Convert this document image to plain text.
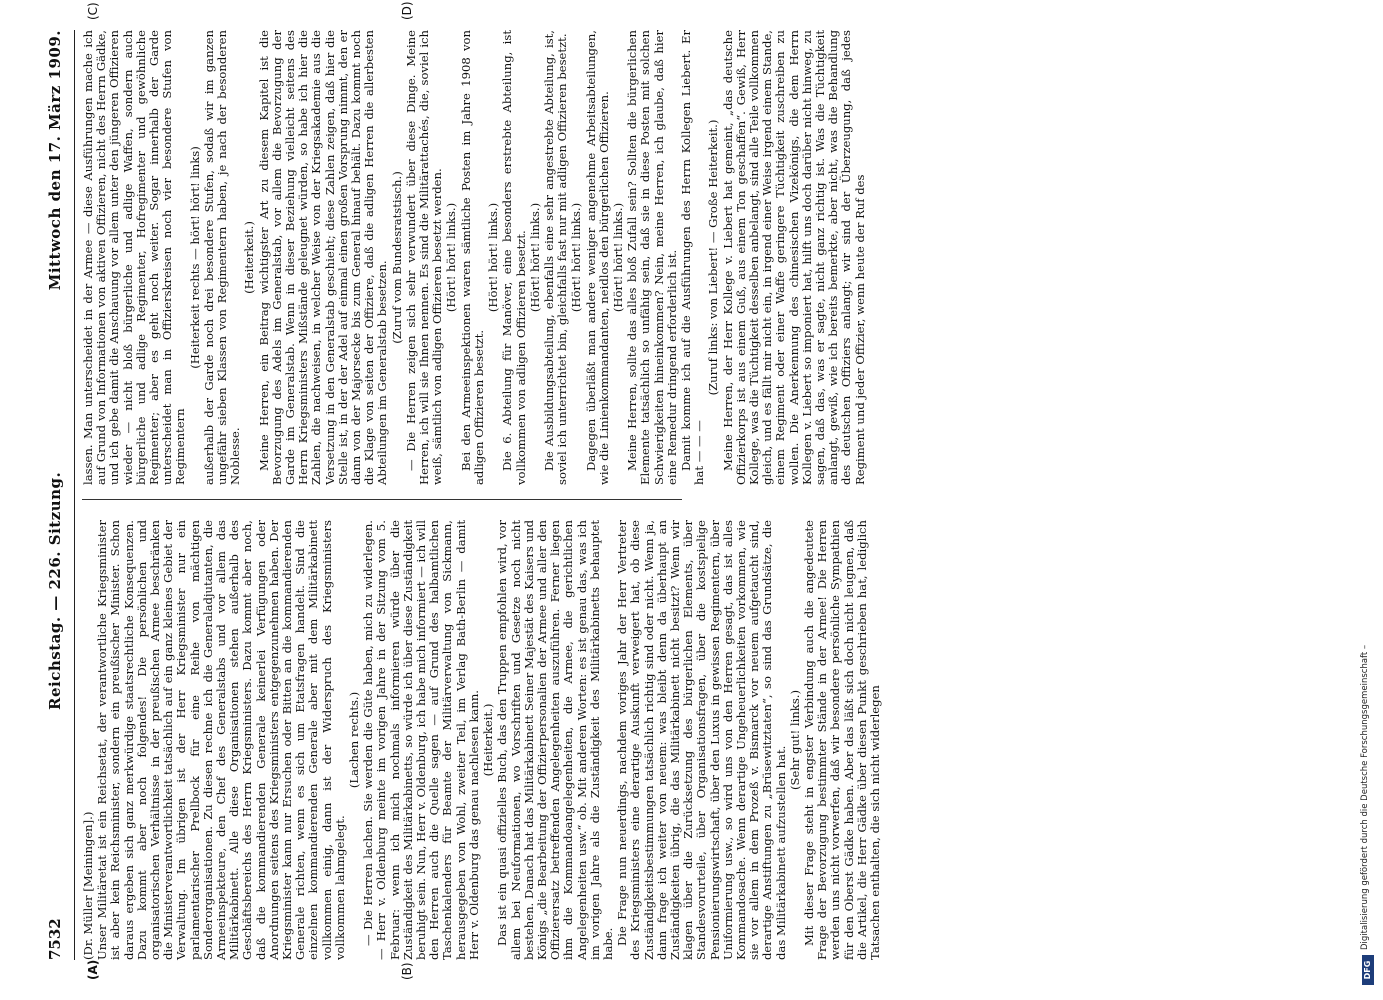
7532
Reichstag. — 226. Sitzung.
Mittwoch den 17. März 1909.
(A)	(B)
(C)	(D)

(Dr. Müller [Meiningen].) Unser Militäretat ist ein Reichsetat, der verantwortliche Kriegsminister ist aber kein Reichsminister, sondern ein preußischer Minister. Schon daraus ergeben sich ganz merkwürdige staatsrechtliche Konsequenzen. Dazu kommt aber noch folgendes! Die persönlichen und organisatorischen Verhältnisse in der preußischen Armee beschränken die Ministerverantwortlichkeit tatsächlich auf ein ganz kleines Gebiet der Verwaltung. Im übrigen ist der Herr Kriegsminister nur ein parlamentarischer Prellbock für eine Reihe von mächtigen Sonderorganisationen. Zu diesen rechne ich die Generaladjutanten, die Armeeinspekteure, den Chef des Generalstabs und vor allem das Militärkabinett. Alle diese Organisationen stehen außerhalb des Geschäftsbereichs des Herrn Kriegsministers. Dazu kommt aber noch, daß die kommandierenden Generale keinerlei Verfügungen oder Anordnungen seitens des Kriegsministers entgegenzunehmen haben. Der Kriegsminister kann nur Ersuchen oder Bitten an die kommandierenden Generale richten, wenn es sich um Etatsfragen handelt. Sind die einzelnen kommandierenden Generale aber mit dem Militärkabinett vollkommen einig, dann ist der Widerspruch des Kriegsministers vollkommen lahmgelegt.

(Lachen rechts.) — Die Herren lachen. Sie werden die Güte haben, mich zu widerlegen. — Herr v. Oldenburg meinte im vorigen Jahre in der Sitzung vom 5. Februar: wenn ich mich nochmals informieren würde über die Zuständigkeit des Militärkabinetts, so würde ich über diese Zuständigkeit beruhigt sein. Nun, Herr v. Oldenburg, ich habe mich informiert — ich will den Herren auch die Quelle sagen — auf Grund des halbamtlichen Taschenkalenders für Beamte der Militärverwaltung von Sickmann, herausgegeben von Wohl, zweiter Teil, im Verlag Bath-Berlin — damit Herr v. Oldenburg das genau nachlesen kann. (Heiterkeit.) Das ist ein quasi offizielles Buch, das den Truppen empfohlen wird, vor allem bei Neuformationen, wo Vorschriften und Gesetze noch nicht bestehen. Danach hat das Militärkabinett Seiner Majestät des Kaisers und Königs „die Bearbeitung der Offizierpersonalien der Armee und aller den Offizierersatz betreffenden Angelegenheiten auszuführen. Ferner liegen ihm die Kommandoangelegenheiten, die Armee, die gerichtlichen Angelegenheiten usw.“ ob. Mit anderen Worten: es ist genau das, was ich im vorigen Jahre als die Zuständigkeit des Militärkabinetts behauptet habe. Die Frage nun neuerdings, nachdem voriges Jahr der Herr Vertreter des Kriegsministers eine derartige Auskunft verweigert hat, ob diese Zuständigkeitsbestimmungen tatsächlich richtig sind oder nicht. Wenn ja, dann frage ich weiter von neuem: was bleibt denn da überhaupt an Zuständigkeiten übrig, die das Militärkabinett nicht besitzt? Wenn wir klagen über die Zurücksetzung des bürgerlichen Elements, über Standesvorurteile, über Organisationsfragen, über die kostspielige Pensionierungswirtschaft, über den Luxus in gewissen Regimentern, über Uniformierung usw., so wird uns von den Herren gesagt, das ist alles Kommandosache. Wenn derartige Ungeheuerlichkeiten vorkommen, wie sie vor allem in dem Prozeß v. Bismarck vor neuem aufgetaucht sind, derartige Anstiftungen zu „Brüsewitztaten“, so sind das Grundsätze, die das Militärkabinett aufzustellen hat.

(Sehr gut! links.) Mit dieser Frage steht in engster Verbindung auch die angedeutete Frage der Bevorzugung bestimmter Stände in der Armee! Die Herren werden uns nicht vorwerfen, daß wir besondere persönliche Sympathien für den Oberst Gädke haben. Aber das läßt sich doch nicht leugnen, daß die Artikel, die Herr Gädke über diesen Punkt geschrieben hat, lediglich Tatsachen enthalten, die sich nicht widerlegen

lassen. Man unterscheidet in der Armee — diese Ausführungen mache ich auf Grund von Informationen von aktiven Offizieren, nicht des Herrn Gädke, und ich gebe damit die Anschauung vor allem unter den jüngeren Offizieren wieder — nicht bloß bürgerliche und adlige Waffen, sondern auch bürgerliche und adlige Regimenter, Hofregimenter und gewöhnliche Regimenter; aber es geht noch weiter. Sogar innerhalb der Garde unterscheidet man in Offizierskreisen noch vier besondere Stufen von Regimentern

(Heiterkeit rechts — hört! hört! links) außerhalb der Garde noch drei besondere Stufen, sodaß wir im ganzen ungefähr sieben Klassen von Regimentern haben, je nach der besonderen Noblesse.

(Heiterkeit.) Meine Herren, ein Beitrag wichtigster Art zu diesem Kapitel ist die Bevorzugung des Adels im Generalstab, vor allem die Bevorzugung der Garde im Generalstab. Wenn in dieser Beziehung vielleicht seitens des Herrn Kriegsministers Mißstände geleugnet würden, so habe ich hier die Zahlen, die nachweisen, in welcher Weise von der Kriegsakademie aus die Versetzung in den Generalstab geschieht; diese Zahlen zeigen, daß hier die Stelle ist, in der der Adel auf einmal einen großen Vorsprung nimmt, den er dann von der Majorsecke bis zum General hinauf behält. Dazu kommt noch die Klage von seiten der Offiziere, daß die adligen Herren die allerbesten Abteilungen im Generalstab besetzen.

(Zuruf vom Bundesratstisch.) — Die Herren zeigen sich sehr verwundert über diese Dinge. Meine Herren, ich will sie Ihnen nennen. Es sind die Militärattachés, die, soviel ich weiß, sämtlich von adligen Offizieren besetzt werden. (Hört! hört! links.) Bei den Armeeinspektionen waren sämtliche Posten im Jahre 1908 von adligen Offizieren besetzt.

(Hört! hört! links.) Die 6. Abteilung für Manöver, eine besonders erstrebte Abteilung, ist vollkommen von adligen Offizieren besetzt. (Hört! hört! links.) Die Ausbildungsabteilung, ebenfalls eine sehr angestrebte Abteilung, ist, soviel ich unterrichtet bin, gleichfalls fast nur mit adligen Offizieren besetzt. (Hört! hört! links.) Dagegen überläßt man andere weniger angenehme Arbeitsabteilungen, wie die Linienkommandanten, neidlos den bürgerlichen Offizieren. (Hört! hört! links.) Meine Herren, sollte das alles bloß Zufall sein? Sollten die bürgerlichen Elemente tatsächlich so unfähig sein, daß sie in diese Posten mit solchen Schwierigkeiten hineinkommen? Nein, meine Herren, ich glaube, daß hier eine Remedur dringend erforderlich ist. Damit komme ich auf die Ausführungen des Herrn Kollegen Liebert. Er hat — — —

(Zuruf links: von Liebert! — Große Heiterkeit.) Meine Herren, der Herr Kollege v. Liebert hat gemeint, „das deutsche Offizierkorps ist aus einem Guß, aus einem Ton geschaffen“. Gewiß, Herr Kollege, was die Tüchtigkeit desselben anbelangt, sind alle Teile vollkommen gleich, und es fällt mir nicht ein, in irgend einer Weise irgend einem Stande, einem Regiment oder einer Waffe geringere Tüchtigkeit zuschreiben zu wollen. Die Anerkennung des chinesischen Vizekönigs, die dem Herrn Kollegen v. Liebert so imponiert hat, hilft uns doch darüber nicht hinweg, zu sagen, daß das, was er sagte, nicht ganz richtig ist. Was die Tüchtigkeit anlangt, gewiß, wie ich bereits bemerkte, aber nicht, was die Behandlung des deutschen Offiziers anlangt; wir sind der Überzeugung, daß jedes Regiment und jeder Offizier, wenn heute der Ruf des

DFG
Digitalisierung gefördert durch die Deutsche Forschungsgemeinschaft –
